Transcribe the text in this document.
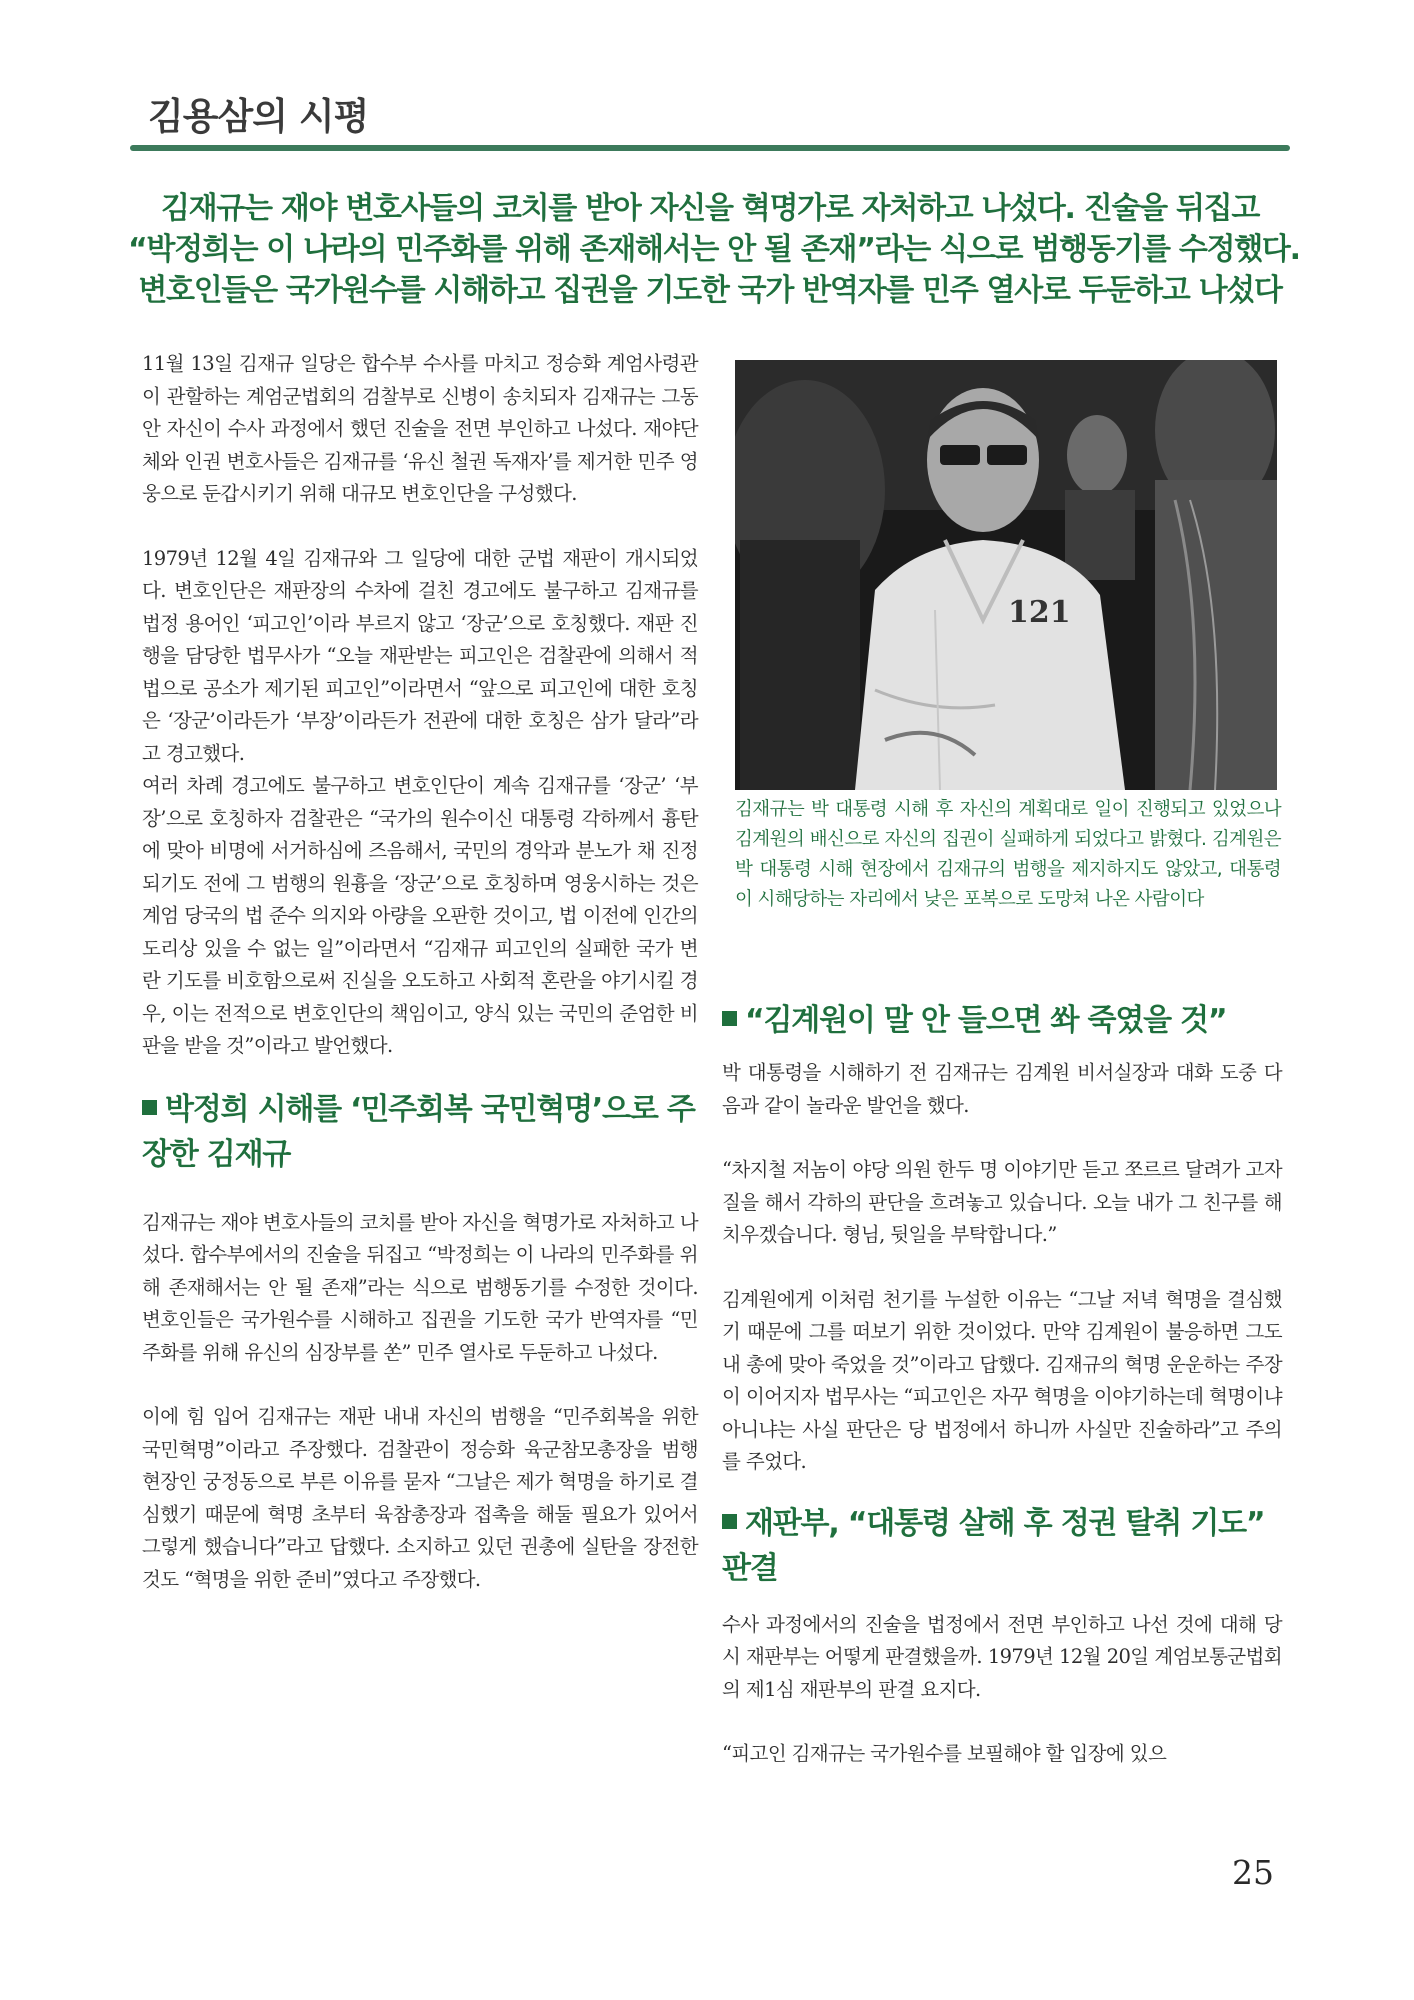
김용삼의 시평

김재규는 재야 변호사들의 코치를 받아 자신을 혁명가로 자처하고 나섰다. 진술을 뒤집고

“박정희는 이 나라의 민주화를 위해 존재해서는 안 될 존재”라는 식으로 범행동기를 수정했다.

변호인들은 국가원수를 시해하고 집권을 기도한 국가 반역자를 민주 열사로 두둔하고 나섰다

11월 13일 김재규 일당은 합수부 수사를 마치고 정승화 계엄사령관이 관할하는 계엄군법회의 검찰부로 신병이 송치되자 김재규는 그동안 자신이 수사 과정에서 했던 진술을 전면 부인하고 나섰다. 재야단체와 인권 변호사들은 김재규를 ‘유신 철권 독재자’를 제거한 민주 영웅으로 둔갑시키기 위해 대규모 변호인단을 구성했다.

1979년 12월 4일 김재규와 그 일당에 대한 군법 재판이 개시되었다. 변호인단은 재판장의 수차에 걸친 경고에도 불구하고 김재규를 법정 용어인 ‘피고인’이라 부르지 않고 ‘장군’으로 호칭했다. 재판 진행을 담당한 법무사가 “오늘 재판받는 피고인은 검찰관에 의해서 적법으로 공소가 제기된 피고인”이라면서 “앞으로 피고인에 대한 호칭은 ‘장군’이라든가 ‘부장’이라든가 전관에 대한 호칭은 삼가 달라”라고 경고했다.

여러 차례 경고에도 불구하고 변호인단이 계속 김재규를 ‘장군’ ‘부장’으로 호칭하자 검찰관은 “국가의 원수이신 대통령 각하께서 흉탄에 맞아 비명에 서거하심에 즈음해서, 국민의 경악과 분노가 채 진정되기도 전에 그 범행의 원흉을 ‘장군’으로 호칭하며 영웅시하는 것은 계엄 당국의 법 준수 의지와 아량을 오판한 것이고, 법 이전에 인간의 도리상 있을 수 없는 일”이라면서 “김재규 피고인의 실패한 국가 변란 기도를 비호함으로써 진실을 오도하고 사회적 혼란을 야기시킬 경우, 이는 전적으로 변호인단의 책임이고, 양식 있는 국민의 준엄한 비판을 받을 것”이라고 발언했다.

박정희 시해를 ‘민주회복 국민혁명’으로 주장한 김재규

김재규는 재야 변호사들의 코치를 받아 자신을 혁명가로 자처하고 나섰다. 합수부에서의 진술을 뒤집고 “박정희는 이 나라의 민주화를 위해 존재해서는 안 될 존재”라는 식으로 범행동기를 수정한 것이다. 변호인들은 국가원수를 시해하고 집권을 기도한 국가 반역자를 “민주화를 위해 유신의 심장부를 쏜” 민주 열사로 두둔하고 나섰다.

이에 힘 입어 김재규는 재판 내내 자신의 범행을 “민주회복을 위한 국민혁명”이라고 주장했다. 검찰관이 정승화 육군참모총장을 범행 현장인 궁정동으로 부른 이유를 묻자 “그날은 제가 혁명을 하기로 결심했기 때문에 혁명 초부터 육참총장과 접촉을 해둘 필요가 있어서 그렇게 했습니다”라고 답했다. 소지하고 있던 권총에 실탄을 장전한 것도 “혁명을 위한 준비”였다고 주장했다.

121

김재규는 박 대통령 시해 후 자신의 계획대로 일이 진행되고 있었으나 김계원의 배신으로 자신의 집권이 실패하게 되었다고 밝혔다. 김계원은 박 대통령 시해 현장에서 김재규의 범행을 제지하지도 않았고, 대통령이 시해당하는 자리에서 낮은 포복으로 도망쳐 나온 사람이다

“김계원이 말 안 들으면 쏴 죽였을 것”

박 대통령을 시해하기 전 김재규는 김계원 비서실장과 대화 도중 다음과 같이 놀라운 발언을 했다.

“차지철 저놈이 야당 의원 한두 명 이야기만 듣고 쪼르르 달려가 고자질을 해서 각하의 판단을 흐려놓고 있습니다. 오늘 내가 그 친구를 해치우겠습니다. 형님, 뒷일을 부탁합니다.”

김계원에게 이처럼 천기를 누설한 이유는 “그날 저녁 혁명을 결심했기 때문에 그를 떠보기 위한 것이었다. 만약 김계원이 불응하면 그도 내 총에 맞아 죽었을 것”이라고 답했다. 김재규의 혁명 운운하는 주장이 이어지자 법무사는 “피고인은 자꾸 혁명을 이야기하는데 혁명이냐 아니냐는 사실 판단은 당 법정에서 하니까 사실만 진술하라”고 주의를 주었다.

재판부, “대통령 살해 후 정권 탈취 기도” 판결

수사 과정에서의 진술을 법정에서 전면 부인하고 나선 것에 대해 당시 재판부는 어떻게 판결했을까. 1979년 12월 20일 계엄보통군법회의 제1심 재판부의 판결 요지다.

“피고인 김재규는 국가원수를 보필해야 할 입장에 있으

25
